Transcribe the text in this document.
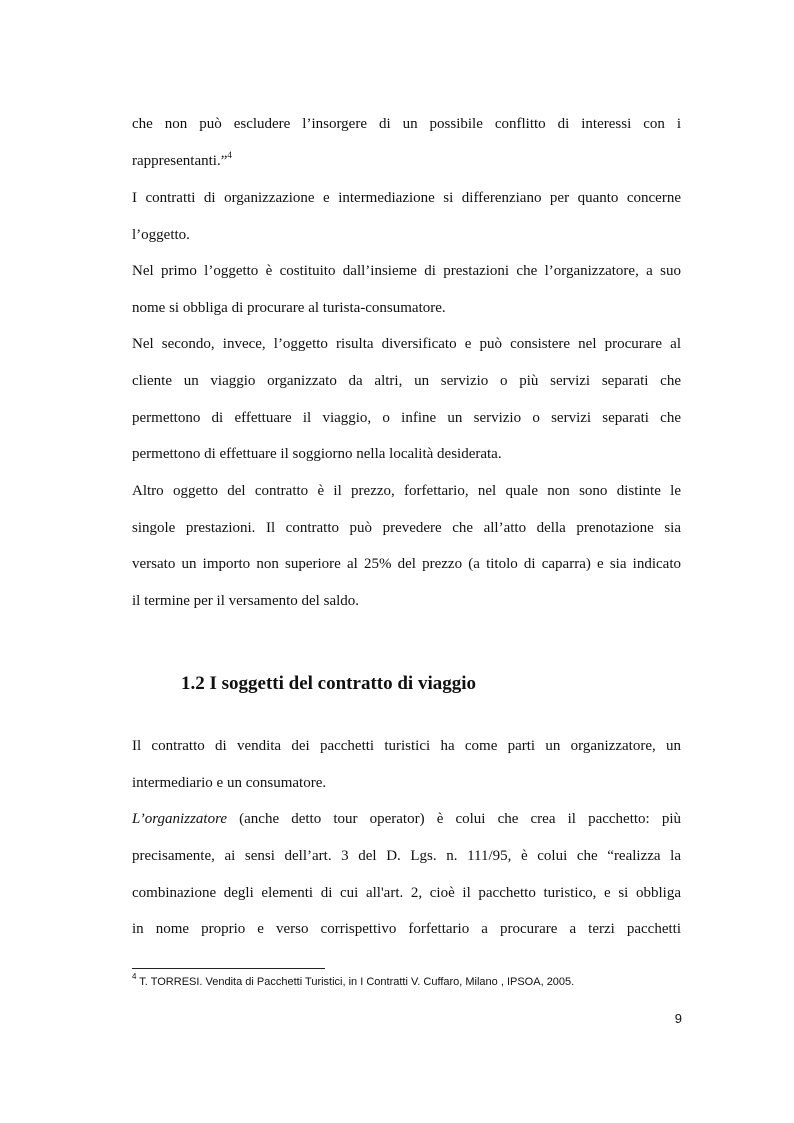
che non può escludere l’insorgere di un possibile conflitto di interessi con i

rappresentanti.”$^4$

I contratti di organizzazione e intermediazione si differenziano per quanto concerne

l’oggetto.

Nel primo l’oggetto è costituito dall’insieme di prestazioni che l’organizzatore, a suo

nome si obbliga di procurare al turista-consumatore.

Nel secondo, invece, l’oggetto risulta diversificato e può consistere nel procurare al

cliente un viaggio organizzato da altri, un servizio o più servizi separati che

permettono di effettuare il viaggio, o infine un servizio o servizi separati che

permettono di effettuare il soggiorno nella località desiderata.

Altro oggetto del contratto è il prezzo, forfettario, nel quale non sono distinte le

singole prestazioni. Il contratto può prevedere che all’atto della prenotazione sia

versato un importo non superiore al 25% del prezzo (a titolo di caparra) e sia indicato

il termine per il versamento del saldo.

1.2 I soggetti del contratto di viaggio

Il contratto di vendita dei pacchetti turistici ha come parti un organizzatore, un

intermediario e un consumatore.

L’organizzatore (anche detto tour operator) è colui che crea il pacchetto: più

precisamente, ai sensi dell’art. 3 del D. Lgs. n. 111/95, è colui che “realizza la

combinazione degli elementi di cui all'art. 2, cioè il pacchetto turistico, e si obbliga

in nome proprio e verso corrispettivo forfettario a procurare a terzi pacchetti

$^4$ T. TORRESI. Vendita di Pacchetti Turistici, in I Contratti V. Cuffaro, Milano , IPSOA, 2005.
9
